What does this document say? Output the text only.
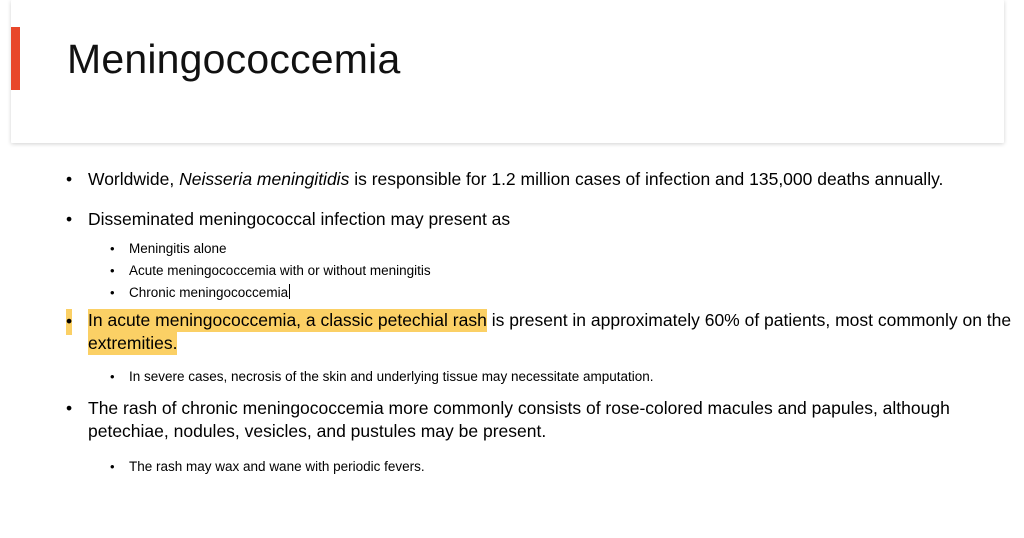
Meningococcemia
• Worldwide, Neisseria meningitidis is responsible for 1.2 million cases of infection and 135,000 deaths annually.
• Disseminated meningococcal infection may present as
• Meningitis alone
• Acute meningococcemia with or without meningitis
• Chronic meningococcemia
• In acute meningococcemia, a classic petechial rash is present in approximately 60% of patients, most commonly on the extremities.
• In severe cases, necrosis of the skin and underlying tissue may necessitate amputation.
• The rash of chronic meningococcemia more commonly consists of rose-colored macules and papules, although petechiae, nodules, vesicles, and pustules may be present.
• The rash may wax and wane with periodic fevers.
